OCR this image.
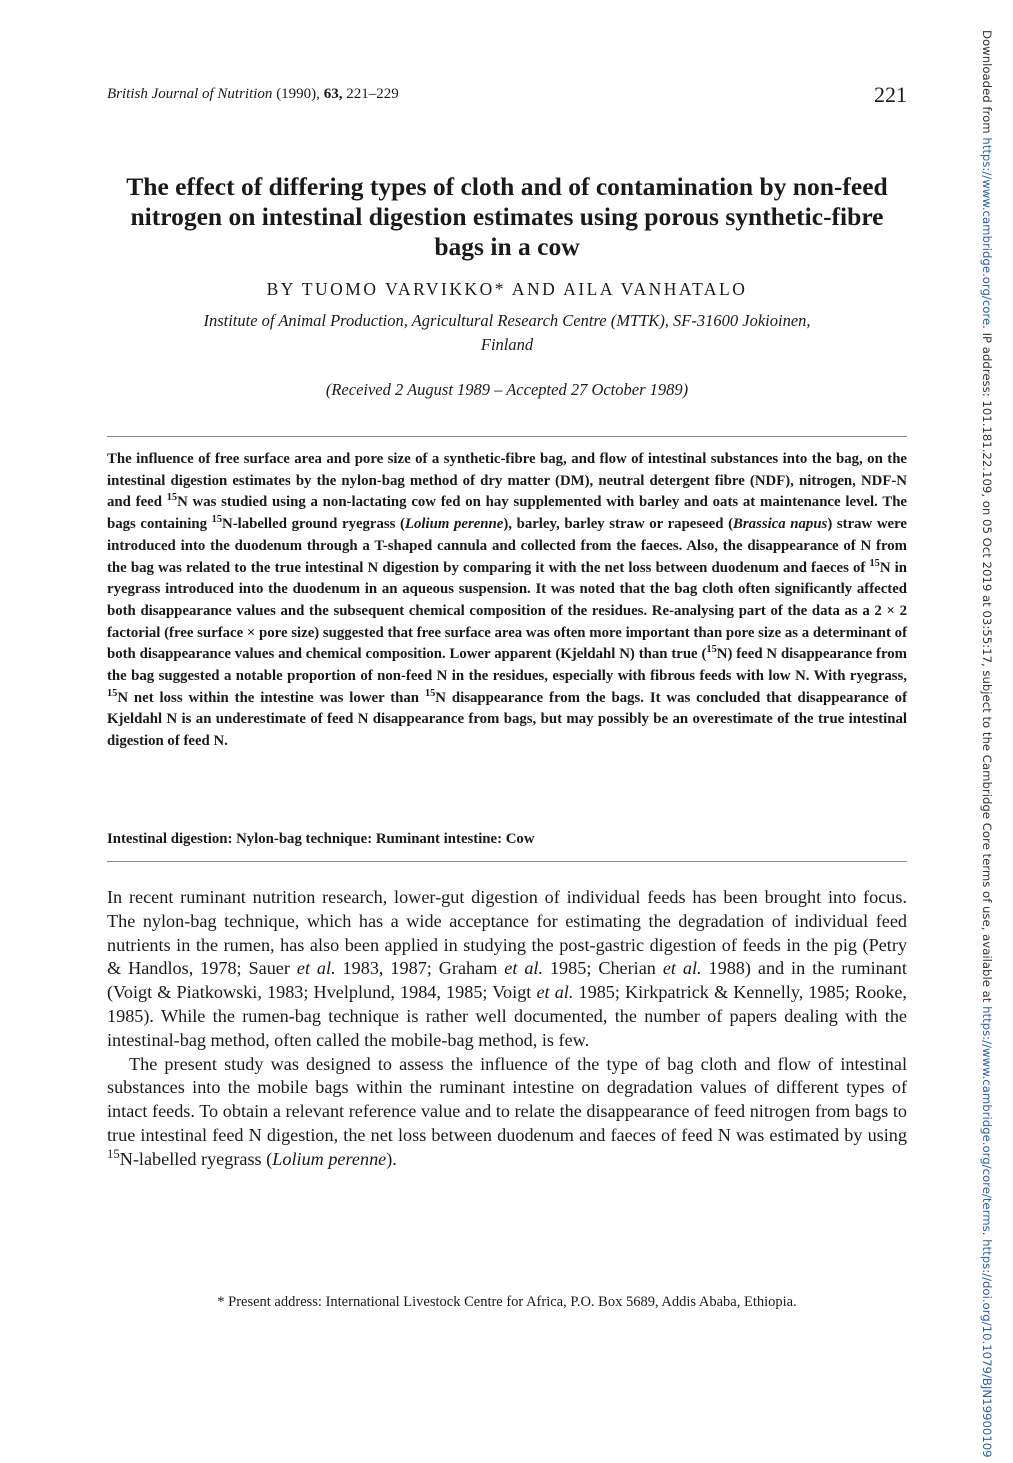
British Journal of Nutrition (1990), 63, 221–229	221
The effect of differing types of cloth and of contamination by non-feed nitrogen on intestinal digestion estimates using porous synthetic-fibre bags in a cow
BY TUOMO VARVIKKO* AND AILA VANHATALO
Institute of Animal Production, Agricultural Research Centre (MTTK), SF-31600 Jokioinen,
Finland
(Received 2 August 1989 – Accepted 27 October 1989)

The influence of free surface area and pore size of a synthetic-fibre bag, and flow of intestinal substances into the bag, on the intestinal digestion estimates by the nylon-bag method of dry matter (DM), neutral detergent fibre (NDF), nitrogen, NDF-N and feed $^{15}$N was studied using a non-lactating cow fed on hay supplemented with barley and oats at maintenance level. The bags containing $^{15}$N-labelled ground ryegrass (Lolium perenne), barley, barley straw or rapeseed (Brassica napus) straw were introduced into the duodenum through a T-shaped cannula and collected from the faeces. Also, the disappearance of N from the bag was related to the true intestinal N digestion by comparing it with the net loss between duodenum and faeces of $^{15}$N in ryegrass introduced into the duodenum in an aqueous suspension. It was noted that the bag cloth often significantly affected both disappearance values and the subsequent chemical composition of the residues. Re-analysing part of the data as a 2 × 2 factorial (free surface × pore size) suggested that free surface area was often more important than pore size as a determinant of both disappearance values and chemical composition. Lower apparent (Kjeldahl N) than true ($^{15}$N) feed N disappearance from the bag suggested a notable proportion of non-feed N in the residues, especially with fibrous feeds with low N. With ryegrass, $^{15}$N net loss within the intestine was lower than $^{15}$N disappearance from the bags. It was concluded that disappearance of Kjeldahl N is an underestimate of feed N disappearance from bags, but may possibly be an overestimate of the true intestinal digestion of feed N.

Intestinal digestion: Nylon-bag technique: Ruminant intestine: Cow

In recent ruminant nutrition research, lower-gut digestion of individual feeds has been brought into focus. The nylon-bag technique, which has a wide acceptance for estimating the degradation of individual feed nutrients in the rumen, has also been applied in studying the post-gastric digestion of feeds in the pig (Petry & Handlos, 1978; Sauer et al. 1983, 1987; Graham et al. 1985; Cherian et al. 1988) and in the ruminant (Voigt & Piatkowski, 1983; Hvelplund, 1984, 1985; Voigt et al. 1985; Kirkpatrick & Kennelly, 1985; Rooke, 1985). While the rumen-bag technique is rather well documented, the number of papers dealing with the intestinal-bag method, often called the mobile-bag method, is few.

The present study was designed to assess the influence of the type of bag cloth and flow of intestinal substances into the mobile bags within the ruminant intestine on degradation values of different types of intact feeds. To obtain a relevant reference value and to relate the disappearance of feed nitrogen from bags to true intestinal feed N digestion, the net loss between duodenum and faeces of feed N was estimated by using $^{15}$N-labelled ryegrass (Lolium perenne).

* Present address: International Livestock Centre for Africa, P.O. Box 5689, Addis Ababa, Ethiopia.
Downloaded from https://www.cambridge.org/core. IP address: 101.181.22.109, on 05 Oct 2019 at 03:55:17, subject to the Cambridge Core terms of use, available at https://www.cambridge.org/core/terms. https://doi.org/10.1079/BJN19900109
